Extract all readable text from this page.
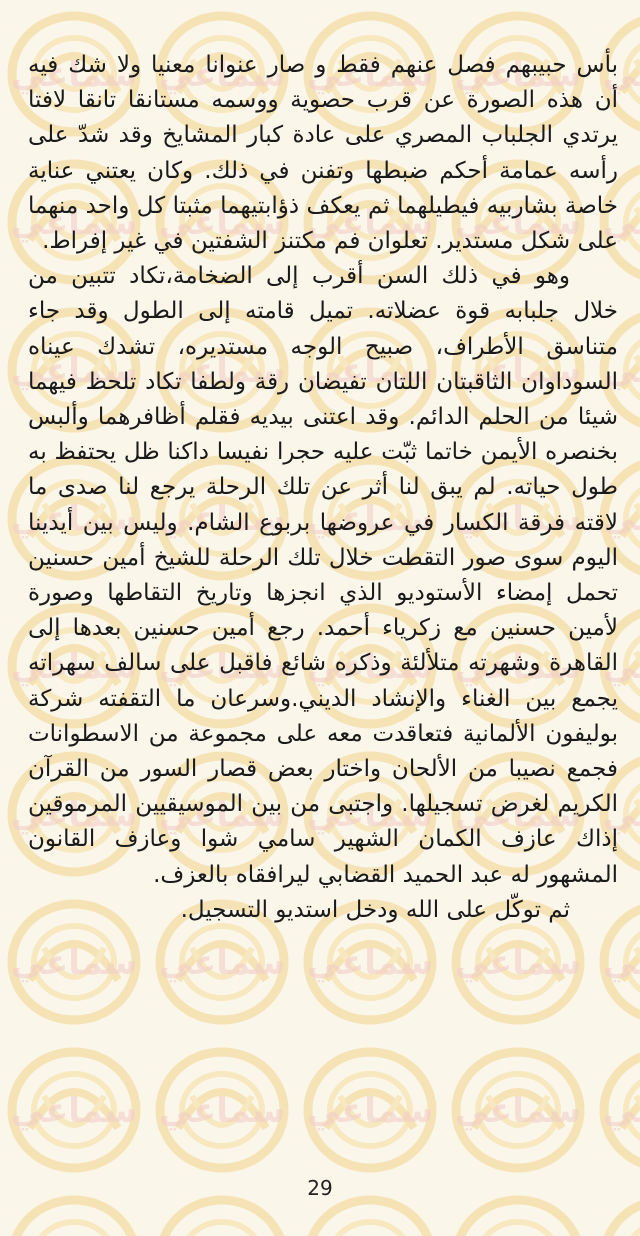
بأس حبيبهم فصل عنهم فقط و صار عنوانا معنيا ولا شك فيه أن هذه الصورة عن قرب حصوية ووسمه مستانقا تانقا لافتا يرتدي الجلباب المصري على عادة كبار المشايخ وقد شدّ على رأسه عمامة أحكم ضبطها وتفنن في ذلك. وكان يعتني عناية خاصة بشاربيه فيطيلهما ثم يعكف ذؤابتيهما مثبتا كل واحد منهما على شكل مستدير. تعلوان فم مكتنز الشفتين في غير إفراط.

وهو في ذلك السن أقرب إلى الضخامة،تكاد تتبين من خلال جلبابه قوة عضلاته. تميل قامته إلى الطول وقد جاء متناسق الأطراف، صبيح الوجه مستديره، تشدك عيناه السوداوان الثاقبتان اللتان تفيضان رقة ولطفا تكاد تلحظ فيهما شيئا من الحلم الدائم. وقد اعتنى بيديه فقلم أظافرهما وألبس بخنصره الأيمن خاتما ثبّت عليه حجرا نفيسا داكنا ظل يحتفظ به طول حياته. لم يبق لنا أثر عن تلك الرحلة يرجع لنا صدى ما لاقته فرقة الكسار في عروضها بربوع الشام. وليس بين أيدينا اليوم سوى صور التقطت خلال تلك الرحلة للشيخ أمين حسنين تحمل إمضاء الأستوديو الذي انجزها وتاريخ التقاطها وصورة لأمين حسنين مع زكرياء أحمد. رجع أمين حسنين بعدها إلى القاهرة وشهرته متلألئة وذكره شائع فاقبل على سالف سهراته يجمع بين الغناء والإنشاد الديني.وسرعان ما التقفته شركة بوليفون الألمانية فتعاقدت معه على مجموعة من الاسطوانات فجمع نصيبا من الألحان واختار بعض قصار السور من القرآن الكريم لغرض تسجيلها. واجتبى من بين الموسيقيين المرموقين إذاك عازف الكمان الشهير سامي شوا وعازف القانون المشهور له عبد الحميد القضابي ليرافقاه بالعزف.

ثم توكّل على الله ودخل استديو التسجيل.

29
